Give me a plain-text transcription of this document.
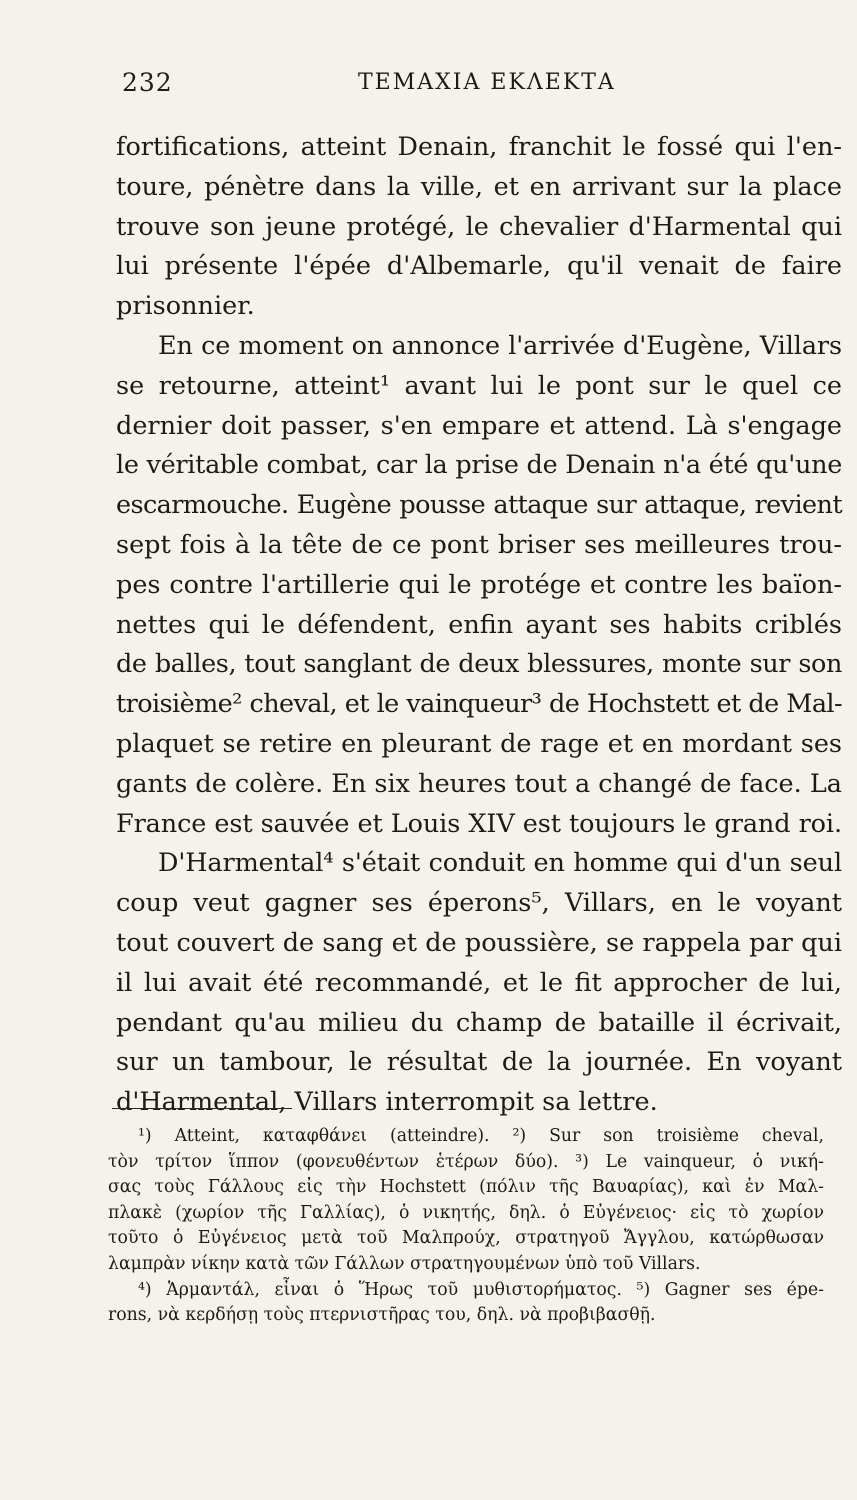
232	ΤΕΜΑΧΙΑ ΕΚΛΕΚΤΑ
fortifications, atteint Denain, franchit le fossé qui l'en-
toure, pénètre dans la ville, et en arrivant sur la place
trouve son jeune protégé, le chevalier d'Harmental qui
lui présente l'épée d'Albemarle, qu'il venait de faire
prisonnier.
En ce moment on annonce l'arrivée d'Eugène, Villars
se retourne, atteint¹ avant lui le pont sur le quel ce
dernier doit passer, s'en empare et attend. Là s'engage
le véritable combat, car la prise de Denain n'a été qu'une
escarmouche. Eugène pousse attaque sur attaque, revient
sept fois à la tête de ce pont briser ses meilleures trou-
pes contre l'artillerie qui le protége et contre les baïon-
nettes qui le défendent, enfin ayant ses habits criblés
de balles, tout sanglant de deux blessures, monte sur son
troisième² cheval, et le vainqueur³ de Hochstett et de Mal-
plaquet se retire en pleurant de rage et en mordant ses
gants de colère. En six heures tout a changé de face. La
France est sauvée et Louis XIV est toujours le grand roi.
D'Harmental⁴ s'était conduit en homme qui d'un seul
coup veut gagner ses éperons⁵, Villars, en le voyant
tout couvert de sang et de poussière, se rappela par qui
il lui avait été recommandé, et le fit approcher de lui,
pendant qu'au milieu du champ de bataille il écrivait,
sur un tambour, le résultat de la journée. En voyant
d'Harmental, Villars interrompit sa lettre.
¹) Atteint, καταφθάνει (atteindre). ²) Sur son troisième cheval,
τὸν τρίτον ἵππον (φονευθέντων ἑτέρων δύο). ³) Le vainqueur, ὁ νική-
σας τοὺς Γάλλους εἰς τὴν Hochstett (πόλιν τῆς Βαυαρίας), καὶ ἐν Μαλ-
πλακὲ (χωρίον τῆς Γαλλίας), ὁ νικητής, δηλ. ὁ Εὐγένειος· εἰς τὸ χωρίον
τοῦτο ὁ Εὐγένειος μετὰ τοῦ Μαλπρούχ, στρατηγοῦ Ἄγγλου, κατώρθωσαν
λαμπρὰν νίκην κατὰ τῶν Γάλλων στρατηγουμένων ὑπὸ τοῦ Villars.
⁴) Ἁρμαντάλ, εἶναι ὁ Ἥρως τοῦ μυθιστορήματος. ⁵) Gagner ses épe-
rons, νὰ κερδήσῃ τοὺς πτερνιστῆρας του, δηλ. νὰ προβιβασθῇ.
